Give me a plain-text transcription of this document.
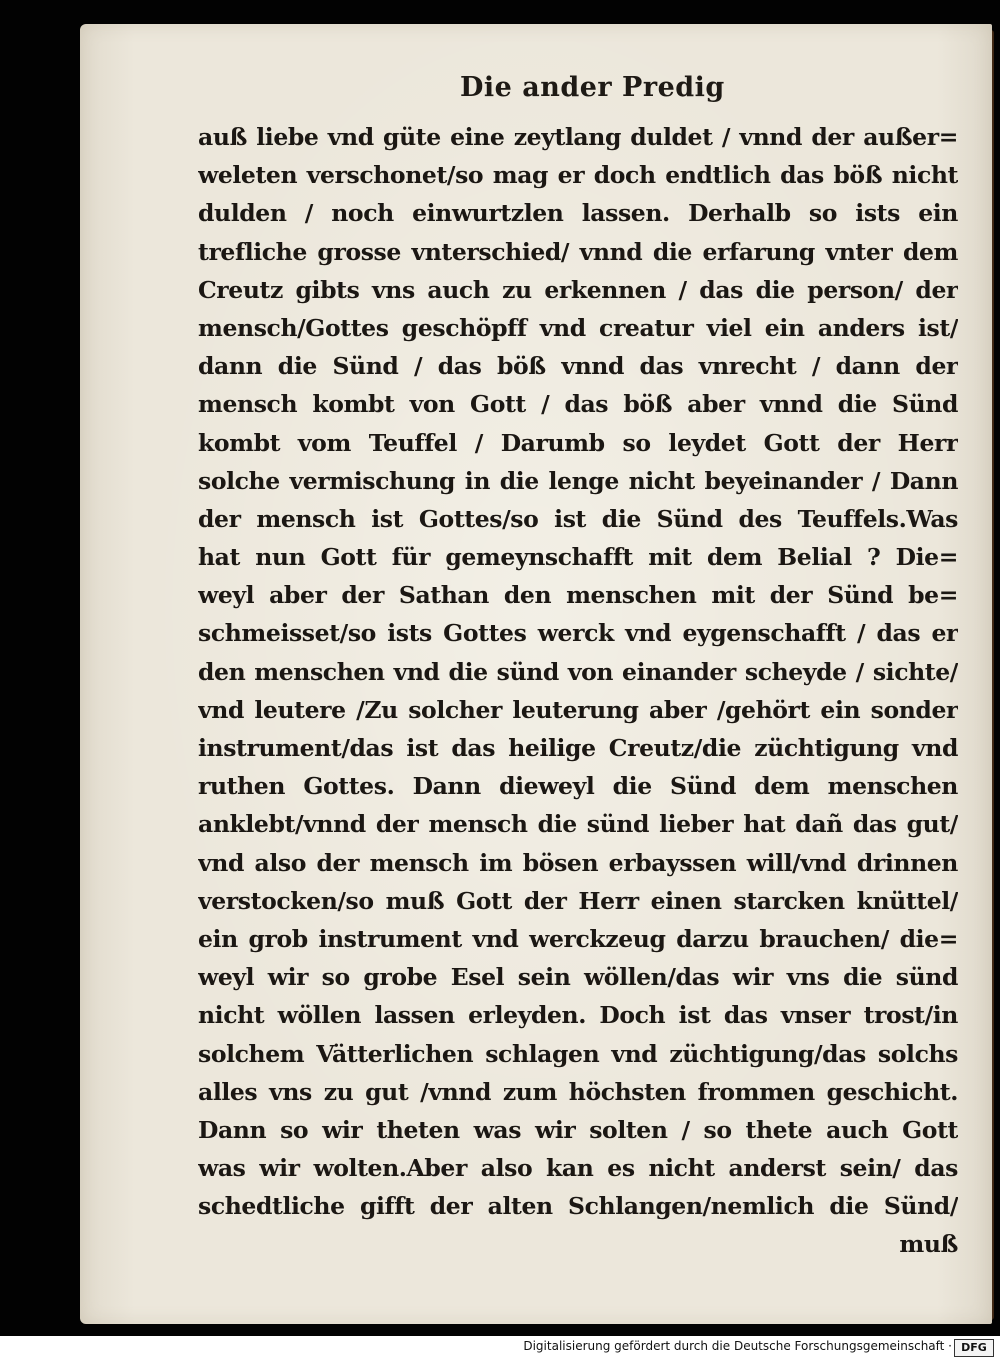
Die ander Predig
auß liebe vnd güte eine zeytlang duldet / vnnd der außer=
weleten verschonet/so mag er doch endtlich das böß nicht
dulden / noch einwurtzlen lassen. Derhalb so ists ein
trefliche grosse vnterschied/ vnnd die erfarung vnter dem
Creutz gibts vns auch zu erkennen / das die person/ der
mensch/Gottes geschöpff vnd creatur viel ein anders ist/
dann die Sünd / das böß vnnd das vnrecht / dann der
mensch kombt von Gott / das böß aber vnnd die Sünd
kombt vom Teuffel / Darumb so leydet Gott der Herr
solche vermischung in die lenge nicht beyeinander / Dann
der mensch ist Gottes/so ist die Sünd des Teuffels.Was
hat nun Gott für gemeynschafft mit dem Belial ? Die=
weyl aber der Sathan den menschen mit der Sünd be=
schmeisset/so ists Gottes werck vnd eygenschafft / das er
den menschen vnd die sünd von einander scheyde / sichte/
vnd leutere /Zu solcher leuterung aber /gehört ein sonder
instrument/das ist das heilige Creutz/die züchtigung vnd
ruthen Gottes. Dann dieweyl die Sünd dem menschen
anklebt/vnnd der mensch die sünd lieber hat dañ das gut/
vnd also der mensch im bösen erbayssen will/vnd drinnen
verstocken/so muß Gott der Herr einen starcken knüttel/
ein grob instrument vnd werckzeug darzu brauchen/ die=
weyl wir so grobe Esel sein wöllen/das wir vns die sünd
nicht wöllen lassen erleyden. Doch ist das vnser trost/in
solchem Vätterlichen schlagen vnd züchtigung/das solchs
alles vns zu gut /vnnd zum höchsten frommen geschicht.
Dann so wir theten was wir solten / so thete auch Gott
was wir wolten.Aber also kan es nicht anderst sein/ das
schedtliche gifft der alten Schlangen/nemlich die Sünd/
muß
Digitalisierung gefördert durch die Deutsche Forschungsgemeinschaft · DFG
